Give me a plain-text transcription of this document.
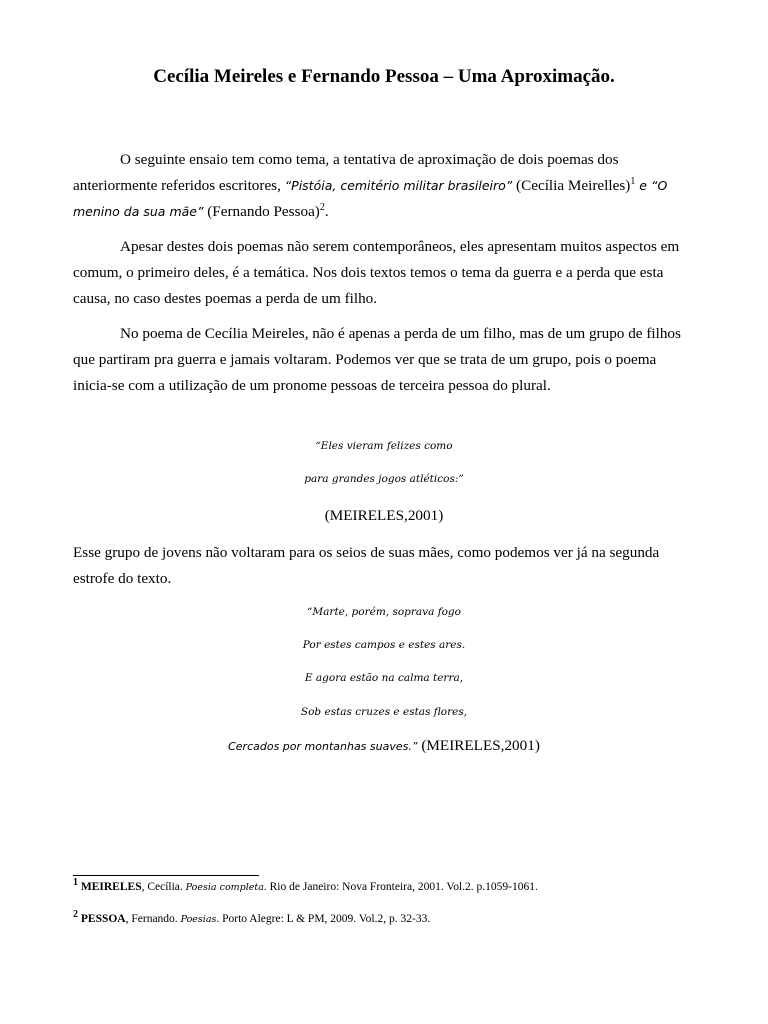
Cecília Meireles e Fernando Pessoa – Uma Aproximação.

O seguinte ensaio tem como tema, a tentativa de aproximação de dois poemas dos anteriormente referidos escritores, “Pistóia, cemitério militar brasileiro” (Cecília Meirelles)$^1$ e “O menino da sua mãe” (Fernando Pessoa)$^2$.

Apesar destes dois poemas não serem contemporâneos, eles apresentam muitos aspectos em comum, o primeiro deles, é a temática. Nos dois textos temos o tema da guerra e a perda que esta causa, no caso destes poemas a perda de um filho.

No poema de Cecília Meireles, não é apenas a perda de um filho, mas de um grupo de filhos que partiram pra guerra e jamais voltaram. Podemos ver que se trata de um grupo, pois o poema inicia-se com a utilização de um pronome pessoas de terceira pessoa do plural.

“Eles vieram felizes como
para grandes jogos atléticos:”
(MEIRELES,2001)

Esse grupo de jovens não voltaram para os seios de suas mães, como podemos ver já na segunda estrofe do texto.

“Marte, porém, soprava fogo
Por estes campos e estes ares.
E agora estão na calma terra,
Sob estas cruzes e estas flores,
Cercados por montanhas suaves.” (MEIRELES,2001)
$^1$ MEIRELES, Cecília. Poesia completa. Rio de Janeiro: Nova Fronteira, 2001. Vol.2. p.1059-1061.
$^2$ PESSOA, Fernando. Poesias. Porto Alegre: L & PM, 2009. Vol.2, p. 32-33.
